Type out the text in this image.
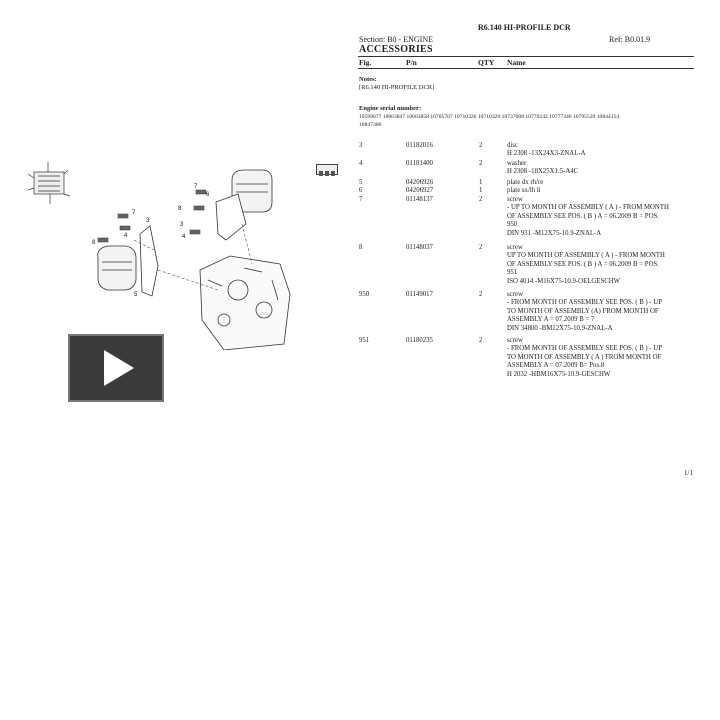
7
3
4
8
5
6
3
4
8
7
R6.140 HI-PROFILE DCR
Section: B0 - ENGINE	Ref: B0.01.9
ACCESSORIES
Fig.	P/n	QTY Name
Notes:
[R6.140 HI-PROFILE DCR]
Engine serial number:
10599677 10663847 10663858 10705767 10710326 10710329 10737008 10770242 10777346 10795539 10844154
10847306
3	01182016	2	disc
H 2308 -13X24X3-ZNAL-A
4	01181400	2	washer
H 2308 -18X25X1.5-A4C
5	04206926	1	plate dx rh/re
6	04206927	1	plate sx/lh li
7	01148137	2	screw
- UP TO MONTH OF ASSEMBLY ( A ) - FROM MONTH
OF ASSEMBLY SEE POS. ( B ) A = 06.2009 B = POS.
950
DIN 931 -M12X75-10.9-ZNAL-A
8	01148037	2	screw
UP TO MONTH OF ASSEMBLY ( A ) - FROM MONTH
OF ASSEMBLY SEE POS. ( B ) A = 06.2009 B = POS.
951
ISO 4014 -M16X75-10.9-OELGESCHW
950	01149017	2	screw
- FROM MONTH OF ASSEMBLY SEE POS. ( B ) - UP
TO MONTH OF ASSEMBLY (A) FROM MONTH OF
ASSEMBLY A = 07.2009 B = 7
DIN 34800 -BM12X75-10.9-ZNAL-A
951	01180235	2	screw
- FROM MONTH OF ASSEMBLY SEE POS. ( B ) - UP
TO MONTH OF ASSEMBLY ( A ) FROM MONTH OF
ASSEMBLY A = 07.2009 B= Pos.8
H 2032 -HBM16X75-10.9-GESCHW
1/1
